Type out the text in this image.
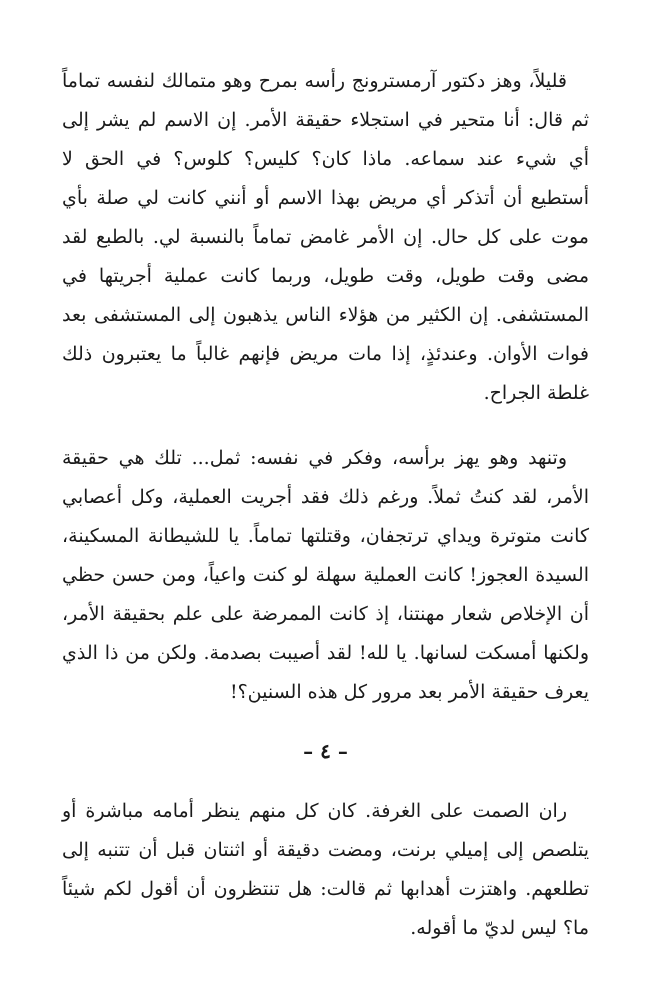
قليلاً، وهز دكتور آرمسترونج رأسه بمرح وهو متمالك لنفسه تماماً ثم قال: أنا متحير في استجلاء حقيقة الأمر. إن الاسم لم يشر إلى أي شيء عند سماعه. ماذا كان؟ كليس؟ كلوس؟ في الحق لا أستطيع أن أتذكر أي مريض بهذا الاسم أو أنني كانت لي صلة بأي موت على كل حال. إن الأمر غامض تماماً بالنسبة لي. بالطبع لقد مضى وقت طويل، وقت طويل، وربما كانت عملية أجريتها في المستشفى. إن الكثير من هؤلاء الناس يذهبون إلى المستشفى بعد فوات الأوان. وعندئذٍ، إذا مات مريض فإنهم غالباً ما يعتبرون ذلك غلطة الجراح.

وتنهد وهو يهز برأسه، وفكر في نفسه: ثمل... تلك هي حقيقة الأمر، لقد كنتُ ثملاً. ورغم ذلك فقد أجريت العملية، وكل أعصابي كانت متوترة ويداي ترتجفان، وقتلتها تماماً. يا للشيطانة المسكينة، السيدة العجوز! كانت العملية سهلة لو كنت واعياً، ومن حسن حظي أن الإخلاص شعار مهنتنا، إذ كانت الممرضة على علم بحقيقة الأمر، ولكنها أمسكت لسانها. يا لله! لقد أصيبت بصدمة. ولكن من ذا الذي يعرف حقيقة الأمر بعد مرور كل هذه السنين؟!

– ٤ –

ران الصمت على الغرفة. كان كل منهم ينظر أمامه مباشرة أو يتلصص إلى إميلي برنت، ومضت دقيقة أو اثنتان قبل أن تتنبه إلى تطلعهم. واهتزت أهدابها ثم قالت: هل تنتظرون أن أقول لكم شيئاً ما؟ ليس لديّ ما أقوله.
